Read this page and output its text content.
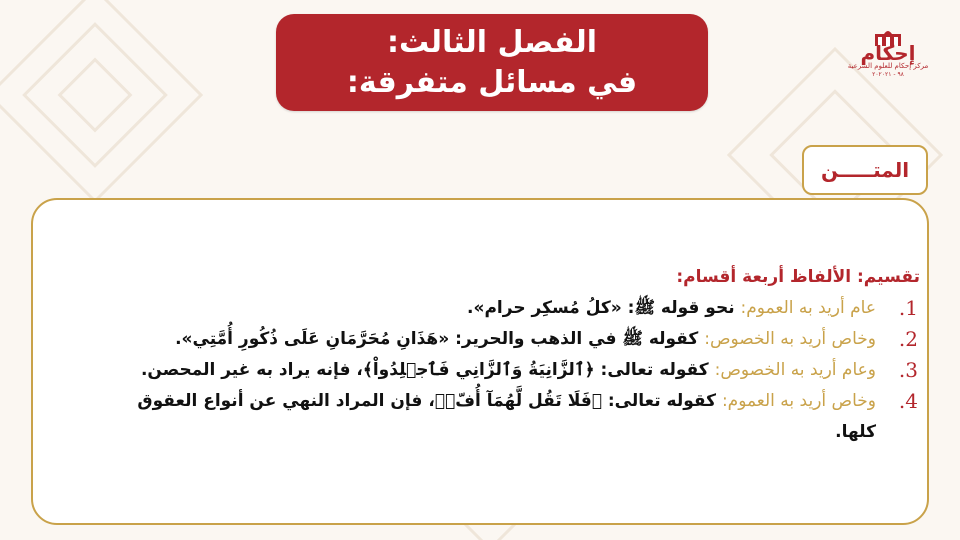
الفصل الثالث:
في مسائل متفرقة:
إحكام
مركز إحكام للعلوم الشرعية
۹۸ - ۲۰۲۰۲۱
المتـــــن
تقسيم: الألفاظ أربعة أقسام:
1.
عام أريد به العموم: نحو قوله ﷺ: «كلُ مُسكِر حرام».
2.
وخاص أريد به الخصوص: كقوله ﷺ في الذهب والحرير: «هَذَانِ مُحَرَّمَانِ عَلَى ذُكُورِ أُمَّتِي».
3.
وعام أريد به الخصوص: كقوله تعالى: ﴿ٱلزَّانِيَةُ وَٱلزَّانِي فَٱجۡلِدُواْ﴾، فإنه يراد به غير المحصن.
4.
وخاص أريد به العموم: كقوله تعالى: ﴿فَلَا تَقُل لَّهُمَآ أُفّٖ﴾، فإن المراد النهي عن أنواع العقوق
كلها.
